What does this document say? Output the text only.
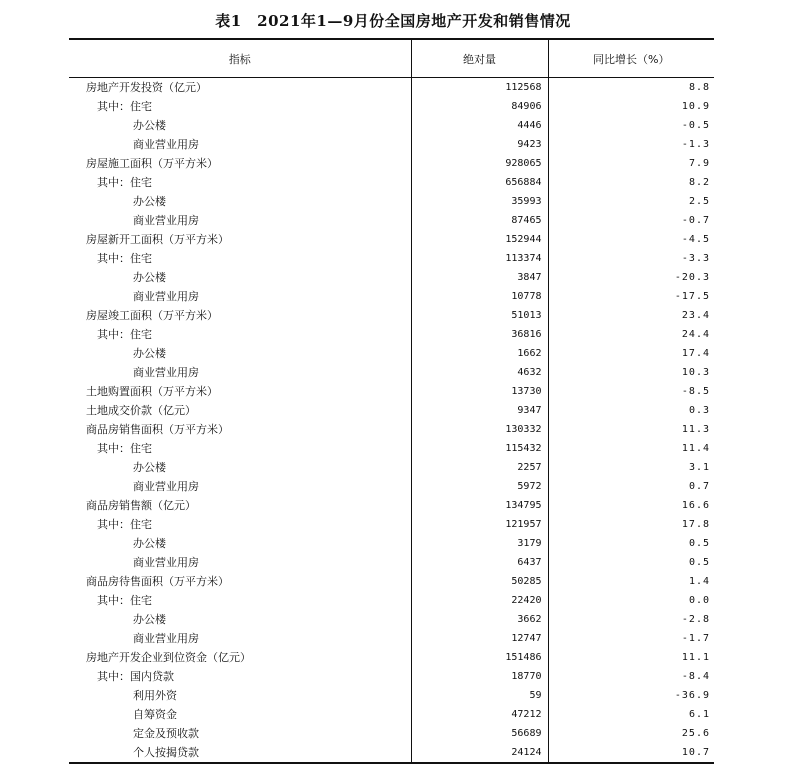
表1　2021年1—9月份全国房地产开发和销售情况
指标	绝对量	同比增长（%）
房地产开发投资（亿元）	112568	8.8
其中：住宅	84906	10.9
办公楼	4446	-0.5
商业营业用房	9423	-1.3
房屋施工面积（万平方米）	928065	7.9
其中：住宅	656884	8.2
办公楼	35993	2.5
商业营业用房	87465	-0.7
房屋新开工面积（万平方米）	152944	-4.5
其中：住宅	113374	-3.3
办公楼	3847	-20.3
商业营业用房	10778	-17.5
房屋竣工面积（万平方米）	51013	23.4
其中：住宅	36816	24.4
办公楼	1662	17.4
商业营业用房	4632	10.3
土地购置面积（万平方米）	13730	-8.5
土地成交价款（亿元）	9347	0.3
商品房销售面积（万平方米）	130332	11.3
其中：住宅	115432	11.4
办公楼	2257	3.1
商业营业用房	5972	0.7
商品房销售额（亿元）	134795	16.6
其中：住宅	121957	17.8
办公楼	3179	0.5
商业营业用房	6437	0.5
商品房待售面积（万平方米）	50285	1.4
其中：住宅	22420	0.0
办公楼	3662	-2.8
商业营业用房	12747	-1.7
房地产开发企业到位资金（亿元）	151486	11.1
其中：国内贷款	18770	-8.4
利用外资	59	-36.9
自筹资金	47212	6.1
定金及预收款	56689	25.6
个人按揭贷款	24124	10.7
